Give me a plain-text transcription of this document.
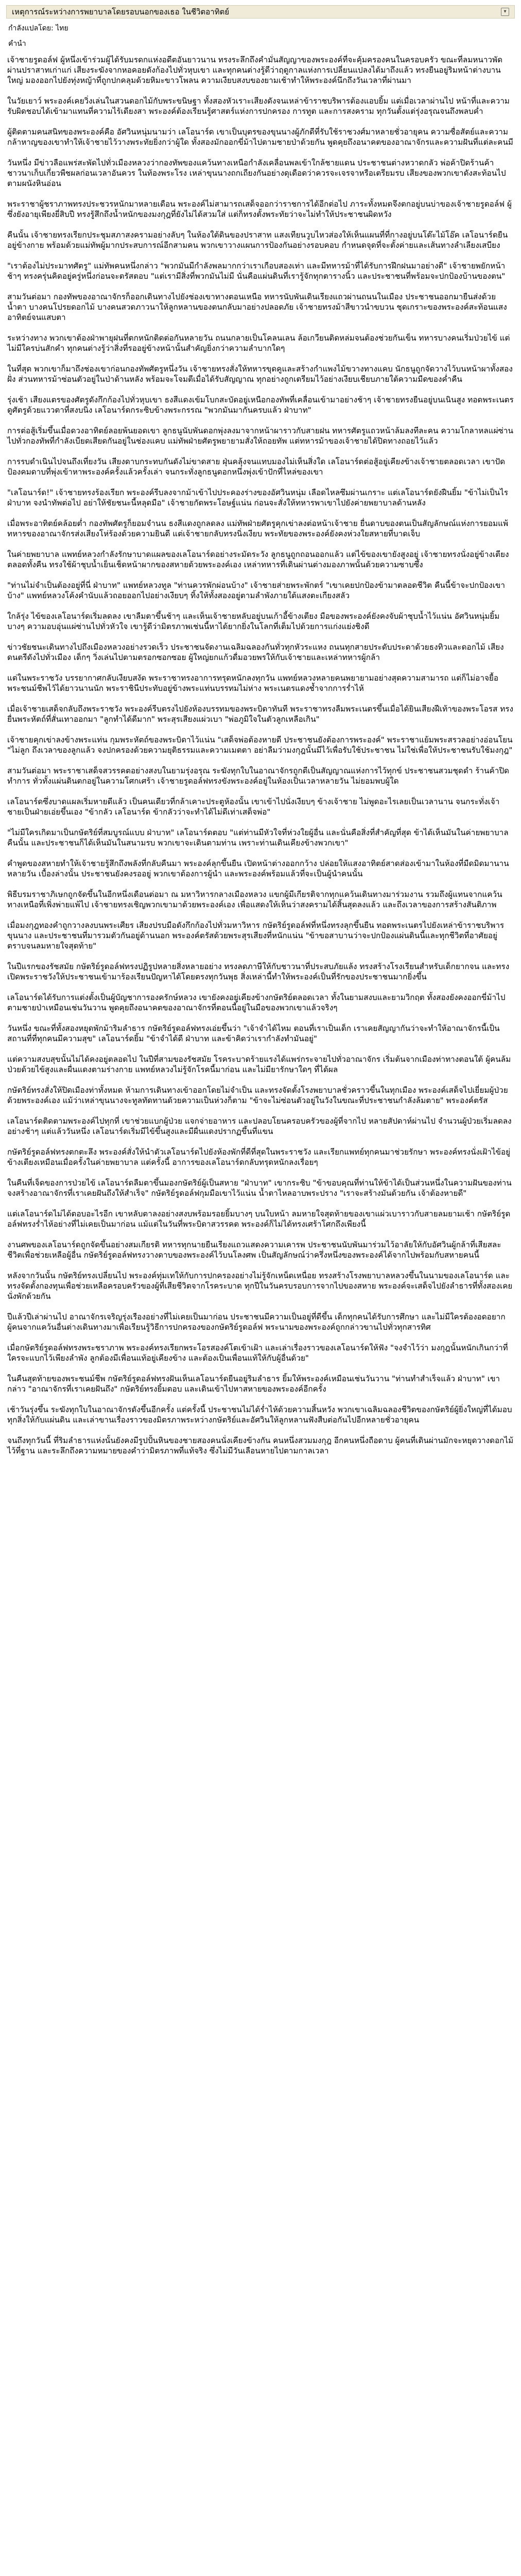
เหตุการณ์ระหว่างการพยาบาลโดยรอบนอกของเธอ ในชีวิตอาทิตย์	▾
กำลังแปลโดย: ไทย
คำนำ

เจ้าชายรูดอล์ฟ ผู้หนึ่งเข้าร่วมผู้ได้รับมรดกแห่งอดีตอันยาวนาน ทรงระลึกถึงคำมั่นสัญญาของพระองค์ที่จะคุ้มครองคนในครอบครัว ขณะที่ลมหนาวพัดผ่านปราสาทเก่าแก่ เสียงระฆังจากหอคอยดังก้องไปทั่วหุบเขา และทุกคนต่างรู้ดีว่าฤดูกาลแห่งการเปลี่ยนแปลงได้มาถึงแล้ว ทรงยืนอยู่ริมหน้าต่างบานใหญ่ มองออกไปยังทุ่งหญ้าที่ถูกปกคลุมด้วยหิมะขาวโพลน ความเงียบสงบของยามเช้าทำให้พระองค์นึกถึงวันเวลาที่ผ่านมา

ในวัยเยาว์ พระองค์เคยวิ่งเล่นในสวนดอกไม้กับพระขนิษฐา ทั้งสองหัวเราะเสียงดังจนเหล่าข้าราชบริพารต้องแอบยิ้ม แต่เมื่อเวลาผ่านไป หน้าที่และความรับผิดชอบได้เข้ามาแทนที่ความไร้เดียงสา พระองค์ต้องเรียนรู้ศาสตร์แห่งการปกครอง การทูต และการสงคราม ทุกวันตั้งแต่รุ่งอรุณจนถึงพลบค่ำ

ผู้ติดตามคนสนิทของพระองค์คือ อัศวินหนุ่มนามว่า เลโอนาร์ด เขาเป็นบุตรของขุนนางผู้ภักดีที่รับใช้ราชวงศ์มาหลายชั่วอายุคน ความซื่อสัตย์และความกล้าหาญของเขาทำให้เจ้าชายไว้วางพระทัยยิ่งกว่าผู้ใด ทั้งสองมักออกขี่ม้าไปตามชายป่าด้วยกัน พูดคุยถึงอนาคตของอาณาจักรและความฝันที่แต่ละคนมี

วันหนึ่ง มีข่าวลือแพร่สะพัดไปทั่วเมืองหลวงว่ากองทัพของแคว้นทางเหนือกำลังเคลื่อนพลเข้าใกล้ชายแดน ประชาชนต่างหวาดกลัว พ่อค้าปิดร้านค้า ชาวนาเก็บเกี่ยวพืชผลก่อนเวลาอันควร ในท้องพระโรง เหล่าขุนนางถกเถียงกันอย่างดุเดือดว่าควรจะเจรจาหรือเตรียมรบ เสียงของพวกเขาดังสะท้อนไปตามผนังหินอ่อน

พระราชาผู้ชราภาพทรงประชวรหนักมาหลายเดือน พระองค์ไม่สามารถเสด็จออกว่าราชการได้อีกต่อไป ภาระทั้งหมดจึงตกอยู่บนบ่าของเจ้าชายรูดอล์ฟ ผู้ซึ่งยังอายุเพียงยี่สิบปี ทรงรู้สึกถึงน้ำหนักของมงกุฎที่ยังไม่ได้สวมใส่ แต่ก็ทรงตั้งพระทัยว่าจะไม่ทำให้ประชาชนผิดหวัง

คืนนั้น เจ้าชายทรงเรียกประชุมสภาสงครามอย่างลับๆ ในห้องใต้ดินของปราสาท แสงเทียนวูบไหวส่องให้เห็นแผนที่ที่กางอยู่บนโต๊ะไม้โอ๊ค เลโอนาร์ดยืนอยู่ข้างกาย พร้อมด้วยแม่ทัพผู้มากประสบการณ์อีกสามคน พวกเขาวางแผนการป้องกันอย่างรอบคอบ กำหนดจุดที่จะตั้งค่ายและเส้นทางลำเลียงเสบียง

"เราต้องไม่ประมาทศัตรู" แม่ทัพคนหนึ่งกล่าว "พวกมันมีกำลังพลมากกว่าเราเกือบสองเท่า และมีทหารม้าที่ได้รับการฝึกฝนมาอย่างดี" เจ้าชายพยักหน้าช้าๆ ทรงครุ่นคิดอยู่ครู่หนึ่งก่อนจะตรัสตอบ "แต่เรามีสิ่งที่พวกมันไม่มี นั่นคือแผ่นดินที่เรารู้จักทุกตารางนิ้ว และประชาชนที่พร้อมจะปกป้องบ้านของตน"

สามวันต่อมา กองทัพของอาณาจักรก็ออกเดินทางไปยังช่องเขาทางตอนเหนือ ทหารนับพันเดินเรียงแถวผ่านถนนในเมือง ประชาชนออกมายืนส่งด้วยน้ำตา บางคนโปรยดอกไม้ บางคนสวดภาวนาให้ลูกหลานของตนกลับมาอย่างปลอดภัย เจ้าชายทรงม้าสีขาวนำขบวน ชุดเกราะของพระองค์สะท้อนแสงอาทิตย์จนแสบตา

ระหว่างทาง พวกเขาต้องฝ่าพายุฝนที่ตกหนักติดต่อกันหลายวัน ถนนกลายเป็นโคลนเลน ล้อเกวียนติดหล่มจนต้องช่วยกันเข็น ทหารบางคนเริ่มป่วยไข้ แต่ไม่มีใครบ่นสักคำ ทุกคนต่างรู้ว่าสิ่งที่รออยู่ข้างหน้านั้นสำคัญยิ่งกว่าความลำบากใดๆ

ในที่สุด พวกเขาก็มาถึงช่องเขาก่อนกองทัพศัตรูหนึ่งวัน เจ้าชายทรงสั่งให้ทหารขุดคูและสร้างกำแพงไม้ขวางทางแคบ นักธนูถูกจัดวางไว้บนหน้าผาทั้งสองฝั่ง ส่วนทหารม้าซ่อนตัวอยู่ในป่าด้านหลัง พร้อมจะโจมตีเมื่อได้รับสัญญาณ ทุกอย่างถูกเตรียมไว้อย่างเงียบเชียบภายใต้ความมืดของค่ำคืน

รุ่งเช้า เสียงแตรของศัตรูดังกึกก้องไปทั่วหุบเขา ธงสีแดงเข้มโบกสะบัดอยู่เหนือกองทัพที่เคลื่อนเข้ามาอย่างช้าๆ เจ้าชายทรงยืนอยู่บนเนินสูง ทอดพระเนตรดูศัตรูด้วยแววตาที่สงบนิ่ง เลโอนาร์ดกระซิบข้างพระกรรณ "พวกมันมากันครบแล้ว ฝ่าบาท"

การต่อสู้เริ่มขึ้นเมื่อดวงอาทิตย์ลอยพ้นยอดเขา ลูกธนูนับพันดอกพุ่งลงมาจากหน้าผาราวกับสายฝน ทหารศัตรูแถวหน้าล้มลงทีละคน ความโกลาหลแผ่ซ่านไปทั่วกองทัพที่กำลังเบียดเสียดกันอยู่ในช่องแคบ แม่ทัพฝ่ายศัตรูพยายามสั่งให้ถอยทัพ แต่ทหารม้าของเจ้าชายได้ปิดทางถอยไว้แล้ว

การรบดำเนินไปจนถึงเที่ยงวัน เสียงดาบกระทบกันดังไม่ขาดสาย ฝุ่นคลุ้งจนแทบมองไม่เห็นสิ่งใด เลโอนาร์ดต่อสู้อยู่เคียงข้างเจ้าชายตลอดเวลา เขาปัดป้องคมดาบที่พุ่งเข้าหาพระองค์ครั้งแล้วครั้งเล่า จนกระทั่งลูกธนูดอกหนึ่งพุ่งเข้าปักที่ไหล่ของเขา

"เลโอนาร์ด!" เจ้าชายทรงร้องเรียก พระองค์รีบลงจากม้าเข้าไปประคองร่างของอัศวินหนุ่ม เลือดไหลซึมผ่านเกราะ แต่เลโอนาร์ดยังฝืนยิ้ม "ข้าไม่เป็นไร ฝ่าบาท จงนำทัพต่อไป อย่าให้ชัยชนะนี้หลุดมือ" เจ้าชายกัดพระโอษฐ์แน่น ก่อนจะสั่งให้ทหารพาเขาไปยังค่ายพยาบาลด้านหลัง

เมื่อพระอาทิตย์คล้อยต่ำ กองทัพศัตรูก็ยอมจำนน ธงสีแดงถูกลดลง แม่ทัพฝ่ายศัตรูคุกเข่าลงต่อหน้าเจ้าชาย ยื่นดาบของตนเป็นสัญลักษณ์แห่งการยอมแพ้ ทหารของอาณาจักรส่งเสียงโห่ร้องด้วยความยินดี แต่เจ้าชายกลับทรงนิ่งเงียบ พระทัยของพระองค์ยังคงห่วงใยสหายที่บาดเจ็บ

ในค่ายพยาบาล แพทย์หลวงกำลังรักษาบาดแผลของเลโอนาร์ดอย่างระมัดระวัง ลูกธนูถูกถอนออกแล้ว แต่ไข้ของเขายังสูงอยู่ เจ้าชายทรงนั่งอยู่ข้างเตียงตลอดทั้งคืน ทรงใช้ผ้าชุบน้ำเย็นเช็ดหน้าผากของสหายด้วยพระองค์เอง เหล่าทหารที่เดินผ่านต่างมองภาพนั้นด้วยความซาบซึ้ง

"ท่านไม่จำเป็นต้องอยู่ที่นี่ ฝ่าบาท" แพทย์หลวงทูล "ท่านควรพักผ่อนบ้าง" เจ้าชายส่ายพระพักตร์ "เขาเคยปกป้องข้ามาตลอดชีวิต คืนนี้ข้าจะปกป้องเขาบ้าง" แพทย์หลวงโค้งคำนับแล้วถอยออกไปอย่างเงียบๆ ทิ้งให้ทั้งสองอยู่ตามลำพังภายใต้แสงตะเกียงสลัว

ใกล้รุ่ง ไข้ของเลโอนาร์ดเริ่มลดลง เขาลืมตาขึ้นช้าๆ และเห็นเจ้าชายหลับอยู่บนเก้าอี้ข้างเตียง มือของพระองค์ยังคงจับผ้าชุบน้ำไว้แน่น อัศวินหนุ่มยิ้มบางๆ ความอบอุ่นแผ่ซ่านไปทั่วหัวใจ เขารู้ดีว่ามิตรภาพเช่นนี้หาได้ยากยิ่งในโลกที่เต็มไปด้วยการแก่งแย่งชิงดี

ข่าวชัยชนะเดินทางไปถึงเมืองหลวงอย่างรวดเร็ว ประชาชนจัดงานเฉลิมฉลองกันทั่วทุกหัวระแหง ถนนทุกสายประดับประดาด้วยธงทิวและดอกไม้ เสียงดนตรีดังไปทั่วเมือง เด็กๆ วิ่งเล่นไปตามตรอกซอกซอย ผู้ใหญ่ยกแก้วดื่มอวยพรให้กับเจ้าชายและเหล่าทหารผู้กล้า

แต่ในพระราชวัง บรรยากาศกลับเงียบสงัด พระราชาทรงอาการทรุดหนักลงทุกวัน แพทย์หลวงหลายคนพยายามอย่างสุดความสามารถ แต่ก็ไม่อาจยื้อพระชนม์ชีพไว้ได้ยาวนานนัก พระราชินีประทับอยู่ข้างพระแท่นบรรทมไม่ห่าง พระเนตรแดงช้ำจากการร่ำไห้

เมื่อเจ้าชายเสด็จกลับถึงพระราชวัง พระองค์รีบตรงไปยังห้องบรรทมของพระบิดาทันที พระราชาทรงลืมพระเนตรขึ้นเมื่อได้ยินเสียงฝีเท้าของพระโอรส ทรงยื่นพระหัตถ์ที่สั่นเทาออกมา "ลูกทำได้ดีมาก" พระสุรเสียงแผ่วเบา "พ่อภูมิใจในตัวลูกเหลือเกิน"

เจ้าชายคุกเข่าลงข้างพระแท่น กุมพระหัตถ์ของพระบิดาไว้แน่น "เสด็จพ่อต้องหายดี ประชาชนยังต้องการพระองค์" พระราชาแย้มพระสรวลอย่างอ่อนโยน "ไม่ลูก ถึงเวลาของลูกแล้ว จงปกครองด้วยความยุติธรรมและความเมตตา อย่าลืมว่ามงกุฎนั้นมีไว้เพื่อรับใช้ประชาชน ไม่ใช่เพื่อให้ประชาชนรับใช้มงกุฎ"

สามวันต่อมา พระราชาเสด็จสวรรคตอย่างสงบในยามรุ่งอรุณ ระฆังทุกใบในอาณาจักรถูกตีเป็นสัญญาณแห่งการไว้ทุกข์ ประชาชนสวมชุดดำ ร้านค้าปิดทำการ ทั่วทั้งแผ่นดินตกอยู่ในความโศกเศร้า เจ้าชายรูดอล์ฟทรงขังพระองค์อยู่ในห้องเป็นเวลาหลายวัน ไม่ยอมพบผู้ใด

เลโอนาร์ดซึ่งบาดแผลเริ่มหายดีแล้ว เป็นคนเดียวที่กล้าเคาะประตูห้องนั้น เขาเข้าไปนั่งเงียบๆ ข้างเจ้าชาย ไม่พูดอะไรเลยเป็นเวลานาน จนกระทั่งเจ้าชายเป็นฝ่ายเอ่ยขึ้นเอง "ข้ากลัว เลโอนาร์ด ข้ากลัวว่าจะทำได้ไม่ดีเท่าเสด็จพ่อ"

"ไม่มีใครเกิดมาเป็นกษัตริย์ที่สมบูรณ์แบบ ฝ่าบาท" เลโอนาร์ดตอบ "แต่ท่านมีหัวใจที่ห่วงใยผู้อื่น และนั่นคือสิ่งที่สำคัญที่สุด ข้าได้เห็นมันในค่ายพยาบาลคืนนั้น และประชาชนก็ได้เห็นมันในสนามรบ พวกเขาจะเดินตามท่าน เพราะท่านเดินเคียงข้างพวกเขา"

คำพูดของสหายทำให้เจ้าชายรู้สึกถึงพลังที่กลับคืนมา พระองค์ลุกขึ้นยืน เปิดหน้าต่างออกกว้าง ปล่อยให้แสงอาทิตย์สาดส่องเข้ามาในห้องที่มืดมิดมานานหลายวัน เบื้องล่างนั้น ประชาชนยังคงรออยู่ พวกเขาต้องการผู้นำ และพระองค์พร้อมแล้วที่จะเป็นผู้นำคนนั้น

พิธีบรมราชาภิเษกถูกจัดขึ้นในอีกหนึ่งเดือนต่อมา ณ มหาวิหารกลางเมืองหลวง แขกผู้มีเกียรติจากทุกแคว้นเดินทางมาร่วมงาน รวมถึงผู้แทนจากแคว้นทางเหนือที่เพิ่งพ่ายแพ้ไป เจ้าชายทรงเชิญพวกเขามาด้วยพระองค์เอง เพื่อแสดงให้เห็นว่าสงครามได้สิ้นสุดลงแล้ว และถึงเวลาของการสร้างสันติภาพ

เมื่อมงกุฎทองคำถูกวางลงบนพระเศียร เสียงปรบมือดังกึกก้องไปทั่วมหาวิหาร กษัตริย์รูดอล์ฟที่หนึ่งทรงลุกขึ้นยืน ทอดพระเนตรไปยังเหล่าข้าราชบริพาร ขุนนาง และประชาชนที่มารวมตัวกันอยู่ด้านนอก พระองค์ตรัสด้วยพระสุรเสียงที่หนักแน่น "ข้าขอสาบานว่าจะปกป้องแผ่นดินนี้และทุกชีวิตที่อาศัยอยู่ ตราบจนลมหายใจสุดท้าย"

ในปีแรกของรัชสมัย กษัตริย์รูดอล์ฟทรงปฏิรูปหลายสิ่งหลายอย่าง ทรงลดภาษีให้กับชาวนาที่ประสบภัยแล้ง ทรงสร้างโรงเรียนสำหรับเด็กยากจน และทรงเปิดพระราชวังให้ประชาชนเข้ามาร้องเรียนปัญหาได้โดยตรงทุกวันพุธ สิ่งเหล่านี้ทำให้พระองค์เป็นที่รักของประชาชนมากยิ่งขึ้น

เลโอนาร์ดได้รับการแต่งตั้งเป็นผู้บัญชาการองครักษ์หลวง เขายังคงอยู่เคียงข้างกษัตริย์ตลอดเวลา ทั้งในยามสงบและยามวิกฤต ทั้งสองยังคงออกขี่ม้าไปตามชายป่าเหมือนเช่นวันวาน พูดคุยถึงอนาคตของอาณาจักรที่ตอนนี้อยู่ในมือของพวกเขาแล้วจริงๆ

วันหนึ่ง ขณะที่ทั้งสองหยุดพักม้าริมลำธาร กษัตริย์รูดอล์ฟทรงเอ่ยขึ้นว่า "เจ้าจำได้ไหม ตอนที่เราเป็นเด็ก เราเคยสัญญากันว่าจะทำให้อาณาจักรนี้เป็นสถานที่ที่ทุกคนมีความสุข" เลโอนาร์ดยิ้ม "ข้าจำได้ดี ฝ่าบาท และข้าคิดว่าเรากำลังทำมันอยู่"

แต่ความสงบสุขนั้นไม่ได้คงอยู่ตลอดไป ในปีที่สามของรัชสมัย โรคระบาดร้ายแรงได้แพร่กระจายไปทั่วอาณาจักร เริ่มต้นจากเมืองท่าทางตอนใต้ ผู้คนล้มป่วยด้วยไข้สูงและผื่นแดงตามร่างกาย แพทย์หลวงไม่รู้จักโรคนี้มาก่อน และไม่มียารักษาใดๆ ที่ได้ผล

กษัตริย์ทรงสั่งให้ปิดเมืองท่าทั้งหมด ห้ามการเดินทางเข้าออกโดยไม่จำเป็น และทรงจัดตั้งโรงพยาบาลชั่วคราวขึ้นในทุกเมือง พระองค์เสด็จไปเยี่ยมผู้ป่วยด้วยพระองค์เอง แม้ว่าเหล่าขุนนางจะทูลทัดทานด้วยความเป็นห่วงก็ตาม "ข้าจะไม่ซ่อนตัวอยู่ในวังในขณะที่ประชาชนกำลังล้มตาย" พระองค์ตรัส

เลโอนาร์ดติดตามพระองค์ไปทุกที่ เขาช่วยแบกผู้ป่วย แจกจ่ายอาหาร และปลอบโยนครอบครัวของผู้ที่จากไป หลายสัปดาห์ผ่านไป จำนวนผู้ป่วยเริ่มลดลงอย่างช้าๆ แต่แล้ววันหนึ่ง เลโอนาร์ดเริ่มมีไข้ขึ้นสูงและมีผื่นแดงปรากฏขึ้นที่แขน

กษัตริย์รูดอล์ฟทรงตกตะลึง พระองค์สั่งให้นำตัวเลโอนาร์ดไปยังห้องพักที่ดีที่สุดในพระราชวัง และเรียกแพทย์ทุกคนมาช่วยรักษา พระองค์ทรงนั่งเฝ้าไข้อยู่ข้างเตียงเหมือนเมื่อครั้งในค่ายพยาบาล แต่ครั้งนี้ อาการของเลโอนาร์ดกลับทรุดหนักลงเรื่อยๆ

ในคืนที่เจ็ดของการป่วยไข้ เลโอนาร์ดลืมตาขึ้นมองกษัตริย์ผู้เป็นสหาย "ฝ่าบาท" เขากระซิบ "ข้าขอบคุณที่ท่านให้ข้าได้เป็นส่วนหนึ่งในความฝันของท่าน จงสร้างอาณาจักรที่เราเคยฝันถึงให้สำเร็จ" กษัตริย์รูดอล์ฟกุมมือเขาไว้แน่น น้ำตาไหลอาบพระปราง "เราจะสร้างมันด้วยกัน เจ้าต้องหายดี"

แต่เลโอนาร์ดไม่ได้ตอบอะไรอีก เขาหลับตาลงอย่างสงบพร้อมรอยยิ้มบางๆ บนใบหน้า ลมหายใจสุดท้ายของเขาแผ่วเบาราวกับสายลมยามเช้า กษัตริย์รูดอล์ฟทรงร่ำไห้อย่างที่ไม่เคยเป็นมาก่อน แม้แต่ในวันที่พระบิดาสวรรคต พระองค์ก็ไม่ได้ทรงเศร้าโศกถึงเพียงนี้

งานศพของเลโอนาร์ดถูกจัดขึ้นอย่างสมเกียรติ ทหารทุกนายยืนเรียงแถวแสดงความเคารพ ประชาชนนับพันมาร่วมไว้อาลัยให้กับอัศวินผู้กล้าที่เสียสละชีวิตเพื่อช่วยเหลือผู้อื่น กษัตริย์รูดอล์ฟทรงวางดาบของพระองค์ไว้บนโลงศพ เป็นสัญลักษณ์ว่าครึ่งหนึ่งของพระองค์ได้จากไปพร้อมกับสหายคนนี้

หลังจากวันนั้น กษัตริย์ทรงเปลี่ยนไป พระองค์ทุ่มเทให้กับการปกครองอย่างไม่รู้จักเหน็ดเหนื่อย ทรงสร้างโรงพยาบาลหลวงขึ้นในนามของเลโอนาร์ด และทรงจัดตั้งกองทุนเพื่อช่วยเหลือครอบครัวของผู้ที่เสียชีวิตจากโรคระบาด ทุกปีในวันครบรอบการจากไปของสหาย พระองค์จะเสด็จไปยังลำธารที่ทั้งสองเคยนั่งพักด้วยกัน

ปีแล้วปีเล่าผ่านไป อาณาจักรเจริญรุ่งเรืองอย่างที่ไม่เคยเป็นมาก่อน ประชาชนมีความเป็นอยู่ที่ดีขึ้น เด็กทุกคนได้รับการศึกษา และไม่มีใครต้องอดอยาก ผู้คนจากแคว้นอื่นต่างเดินทางมาเพื่อเรียนรู้วิธีการปกครองของกษัตริย์รูดอล์ฟ พระนามของพระองค์ถูกกล่าวขานไปทั่วทุกสารทิศ

เมื่อกษัตริย์รูดอล์ฟทรงพระชราภาพ พระองค์ทรงเรียกพระโอรสองค์โตเข้าเฝ้า และเล่าเรื่องราวของเลโอนาร์ดให้ฟัง "จงจำไว้ว่า มงกุฎนั้นหนักเกินกว่าที่ใครจะแบกไว้เพียงลำพัง ลูกต้องมีเพื่อนแท้อยู่เคียงข้าง และต้องเป็นเพื่อนแท้ให้กับผู้อื่นด้วย"

ในคืนสุดท้ายของพระชนม์ชีพ กษัตริย์รูดอล์ฟทรงฝันเห็นเลโอนาร์ดยืนอยู่ริมลำธาร ยิ้มให้พระองค์เหมือนเช่นวันวาน "ท่านทำสำเร็จแล้ว ฝ่าบาท" เขากล่าว "อาณาจักรที่เราเคยฝันถึง" กษัตริย์ทรงยิ้มตอบ และเดินเข้าไปหาสหายของพระองค์อีกครั้ง

เช้าวันรุ่งขึ้น ระฆังทุกใบในอาณาจักรดังขึ้นอีกครั้ง แต่ครั้งนี้ ประชาชนไม่ได้ร่ำไห้ด้วยความสิ้นหวัง พวกเขาเฉลิมฉลองชีวิตของกษัตริย์ผู้ยิ่งใหญ่ที่ได้มอบทุกสิ่งให้กับแผ่นดิน และเล่าขานเรื่องราวของมิตรภาพระหว่างกษัตริย์และอัศวินให้ลูกหลานฟังสืบต่อกันไปอีกหลายชั่วอายุคน

จนถึงทุกวันนี้ ที่ริมลำธารแห่งนั้นยังคงมีรูปปั้นหินของชายสองคนนั่งเคียงข้างกัน คนหนึ่งสวมมงกุฎ อีกคนหนึ่งถือดาบ ผู้คนที่เดินผ่านมักจะหยุดวางดอกไม้ไว้ที่ฐาน และระลึกถึงความหมายของคำว่ามิตรภาพที่แท้จริง ซึ่งไม่มีวันเลือนหายไปตามกาลเวลา
